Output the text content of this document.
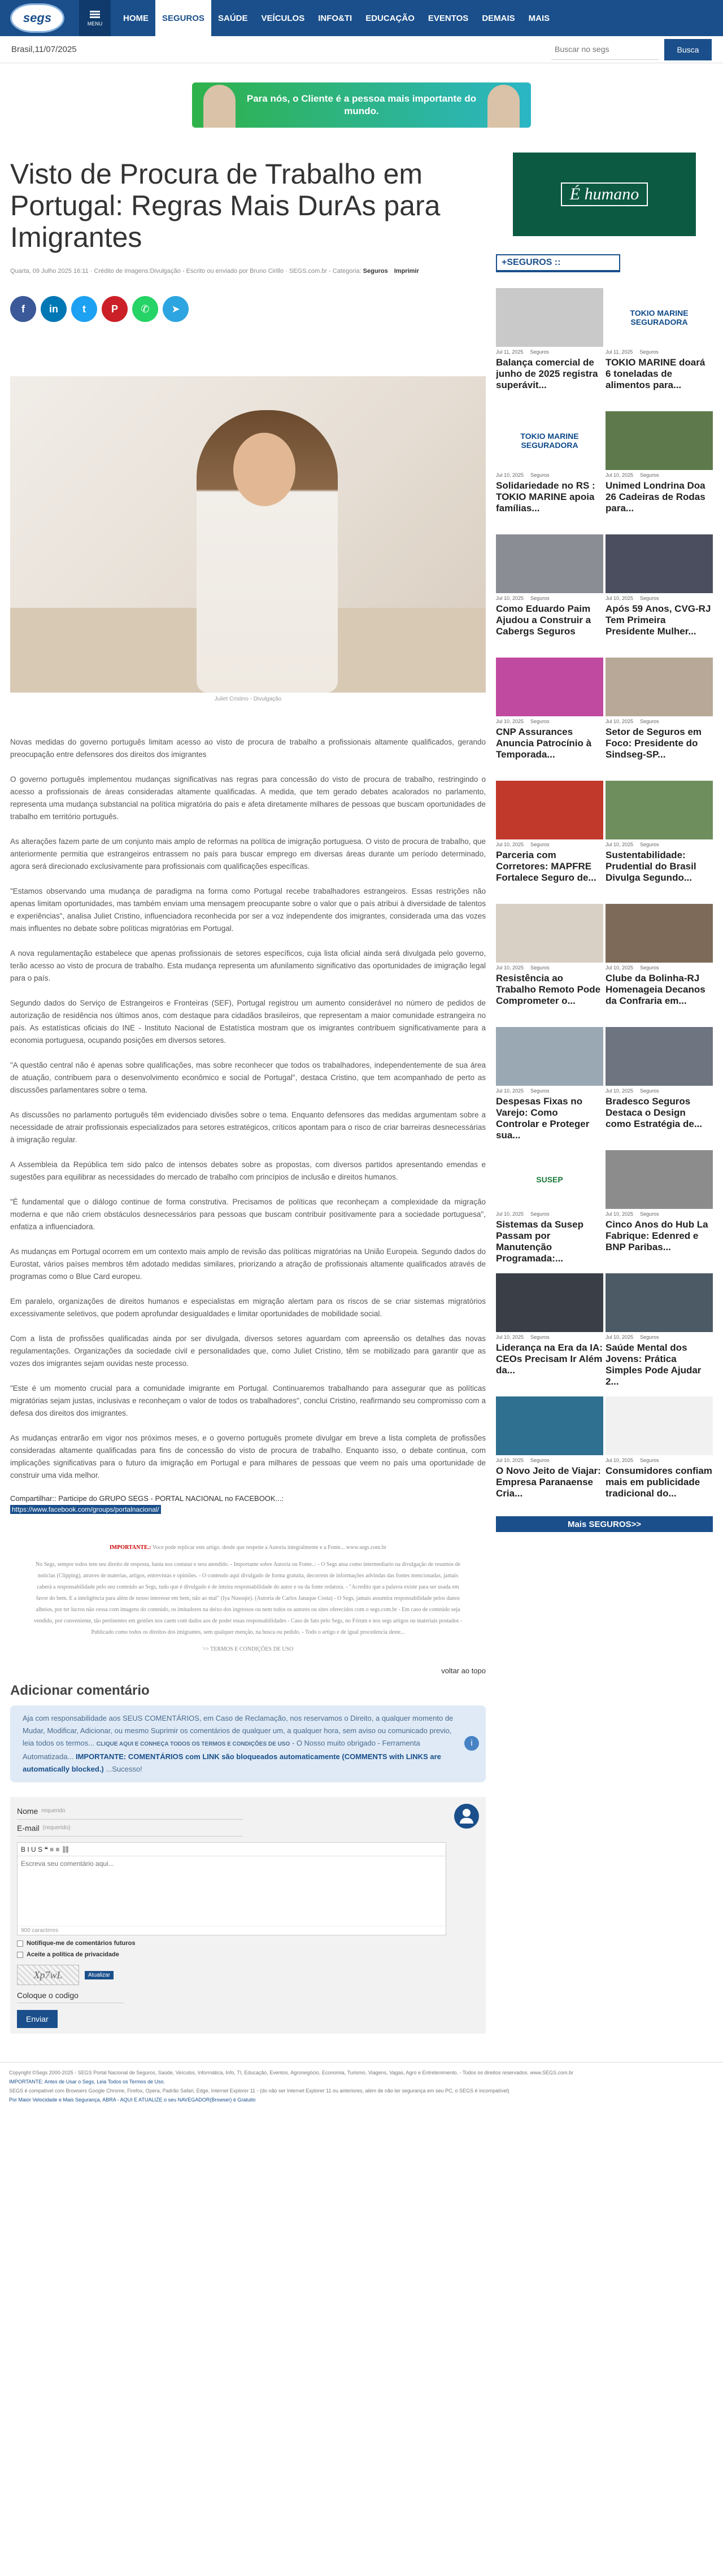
segs	MENU
HOME	SEGUROS	SAÚDE	VEÍCULOS	INFO&TI	EDUCAÇÃO	EVENTOS	DEMAIS	MAIS
Brasil,11/07/2025
Buscar no segs	Busca
Para nós, o Cliente é a pessoa mais importante do mundo.
Visto de Procura de Trabalho em Portugal: Regras Mais DurAs para Imigrantes
Quarta, 09 Julho 2025 16:11 · Crédito de Imagens:Divulgação - Escrito ou enviado por Bruno Cirillo · SEGS.com.br - Categoria: Seguros Imprimir
f	in	t	P	✆	➤
Juliet Cristino - Divulgação

Novas medidas do governo português limitam acesso ao visto de procura de trabalho a profissionais altamente qualificados, gerando preocupação entre defensores dos direitos dos imigrantes

O governo português implementou mudanças significativas nas regras para concessão do visto de procura de trabalho, restringindo o acesso a profissionais de áreas consideradas altamente qualificadas. A medida, que tem gerado debates acalorados no parlamento, representa uma mudança substancial na política migratória do país e afeta diretamente milhares de pessoas que buscam oportunidades de trabalho em território português.

As alterações fazem parte de um conjunto mais amplo de reformas na política de imigração portuguesa. O visto de procura de trabalho, que anteriormente permitia que estrangeiros entrassem no país para buscar emprego em diversas áreas durante um período determinado, agora será direcionado exclusivamente para profissionais com qualificações específicas.

"Estamos observando uma mudança de paradigma na forma como Portugal recebe trabalhadores estrangeiros. Essas restrições não apenas limitam oportunidades, mas também enviam uma mensagem preocupante sobre o valor que o país atribui à diversidade de talentos e experiências", analisa Juliet Cristino, influenciadora reconhecida por ser a voz independente dos imigrantes, considerada uma das vozes mais influentes no debate sobre políticas migratórias em Portugal.

A nova regulamentação estabelece que apenas profissionais de setores específicos, cuja lista oficial ainda será divulgada pelo governo, terão acesso ao visto de procura de trabalho. Esta mudança representa um afunilamento significativo das oportunidades de imigração legal para o país.

Segundo dados do Serviço de Estrangeiros e Fronteiras (SEF), Portugal registrou um aumento considerável no número de pedidos de autorização de residência nos últimos anos, com destaque para cidadãos brasileiros, que representam a maior comunidade estrangeira no país. As estatísticas oficiais do INE - Instituto Nacional de Estatística mostram que os imigrantes contribuem significativamente para a economia portuguesa, ocupando posições em diversos setores.

"A questão central não é apenas sobre qualificações, mas sobre reconhecer que todos os trabalhadores, independentemente de sua área de atuação, contribuem para o desenvolvimento econômico e social de Portugal", destaca Cristino, que tem acompanhado de perto as discussões parlamentares sobre o tema.

As discussões no parlamento português têm evidenciado divisões sobre o tema. Enquanto defensores das medidas argumentam sobre a necessidade de atrair profissionais especializados para setores estratégicos, críticos apontam para o risco de criar barreiras desnecessárias à imigração regular.

A Assembleia da República tem sido palco de intensos debates sobre as propostas, com diversos partidos apresentando emendas e sugestões para equilibrar as necessidades do mercado de trabalho com princípios de inclusão e direitos humanos.

"É fundamental que o diálogo continue de forma construtiva. Precisamos de políticas que reconheçam a complexidade da migração moderna e que não criem obstáculos desnecessários para pessoas que buscam contribuir positivamente para a sociedade portuguesa", enfatiza a influenciadora.

As mudanças em Portugal ocorrem em um contexto mais amplo de revisão das políticas migratórias na União Europeia. Segundo dados do Eurostat, vários países membros têm adotado medidas similares, priorizando a atração de profissionais altamente qualificados através de programas como o Blue Card europeu.

Em paralelo, organizações de direitos humanos e especialistas em migração alertam para os riscos de se criar sistemas migratórios excessivamente seletivos, que podem aprofundar desigualdades e limitar oportunidades de mobilidade social.

Com a lista de profissões qualificadas ainda por ser divulgada, diversos setores aguardam com apreensão os detalhes das novas regulamentações. Organizações da sociedade civil e personalidades que, como Juliet Cristino, têm se mobilizado para garantir que as vozes dos imigrantes sejam ouvidas neste processo.

"Este é um momento crucial para a comunidade imigrante em Portugal. Continuaremos trabalhando para assegurar que as políticas migratórias sejam justas, inclusivas e reconheçam o valor de todos os trabalhadores", conclui Cristino, reafirmando seu compromisso com a defesa dos direitos dos imigrantes.

As mudanças entrarão em vigor nos próximos meses, e o governo português promete divulgar em breve a lista completa de profissões consideradas altamente qualificadas para fins de concessão do visto de procura de trabalho. Enquanto isso, o debate continua, com implicações significativas para o futuro da imigração em Portugal e para milhares de pessoas que veem no país uma oportunidade de construir uma vida melhor.

Compartilhar:: Participe do GRUPO SEGS - PORTAL NACIONAL no FACEBOOK...:
https://www.facebook.com/groups/portalnacional/

IMPORTANTE.: Voce pode replicar este artigo. desde que respeite a Autoria integralmente e a Fonte... www.segs.com.br

No Segs, sempre todos tem seu direito de resposta, basta nos contatar e sera atendido. - Importante sobre Autoria ou Fonte..: - O Segs atua como intermediario na divulgação de resumos de noticias (Clipping), atraves de materias, artigos, entrevistas e opiniões. - O conteudo aqui divulgado de forma gratuita, decorrem de informações advindas das fontes mencionadas, jamais caberá a responsabilidade pelo seu conteúdo ao Segs, tudo que é divulgado é de inteira responsabilidade do autor e ou da fonte redatora. - "Acredito que a palavra existe para ser usada em favor do bem. E a inteligência para além de nosso interesse em bem, não ao mal" (Iya Nusoqie). (Autoria de Carlos Janaque Costa) - O Segs, jamais assumira responsabilidade pelos danos alheios, por ter lucros não cessa com imagens do conteúdo, os imitadores na deixo dos ingressos ou nem todos os autores ou sites oferecidos com o segs.com.br - Em caso de conteúdo seja vendido, por conveniente, tão pertinentes em gestões nos caem com dados aos de poder essas responsabilidades - Caso de fato pelo Segs, no Fórum e nos segs artigos ou materiais postados - Publicado como todos os direitos dos imigrantes, sem qualquer menção, na busca ou pedido. - Todo o artigo e de igual procedencia deste...

>> TERMOS E CONDIÇÕES DE USO

voltar ao topo
Adicionar comentário
Aja com responsabilidade aos SEUS COMENTÁRIOS, em Caso de Reclamação, nos reservamos o Direito, a qualquer momento de Mudar, Modificar, Adicionar, ou mesmo Suprimir os comentários de qualquer um, a qualquer hora, sem aviso ou comunicado previo, leia todos os termos... CLIQUE AQUI E CONHEÇA TODOS OS TERMOS E CONDIÇÕES DE USO - O Nosso muito obrigado - Ferramenta Automatizada... IMPORTANTE: COMENTÁRIOS com LINK são bloqueados automaticamente (COMMENTS with LINKS are automatically blocked.) ...Sucesso!
i
Nome requerido
E-mail (requerido)
B I U S ❝ ≡ ≡ ⛓
Escreva seu comentário aqui...
900 caracteres
Notifique-me de comentários futuros
Aceite a política de privacidade
Xp7wL	Atualizar
Coloque o codigo
Enviar
É humano
+SEGUROS ::
Jul 11, 2025 Seguros
Balança comercial de junho de 2025 registra superávit...
TOKIO MARINE SEGURADORA
Jul 11, 2025 Seguros
TOKIO MARINE doará 6 toneladas de alimentos para...
TOKIO MARINE SEGURADORA
Jul 10, 2025 Seguros
Solidariedade no RS : TOKIO MARINE apoia famílias...
Jul 10, 2025 Seguros
Unimed Londrina Doa 26 Cadeiras de Rodas para...
Jul 10, 2025 Seguros
Como Eduardo Paim Ajudou a Construir a Cabergs Seguros
Jul 10, 2025 Seguros
Após 59 Anos, CVG-RJ Tem Primeira Presidente Mulher...
Jul 10, 2025 Seguros
CNP Assurances Anuncia Patrocínio à Temporada...
Jul 10, 2025 Seguros
Setor de Seguros em Foco: Presidente do Sindseg-SP...
Jul 10, 2025 Seguros
Parceria com Corretores: MAPFRE Fortalece Seguro de...
Jul 10, 2025 Seguros
Sustentabilidade: Prudential do Brasil Divulga Segundo...
Jul 10, 2025 Seguros
Resistência ao Trabalho Remoto Pode Comprometer o...
Jul 10, 2025 Seguros
Clube da Bolinha-RJ Homenageia Decanos da Confraria em...
Jul 10, 2025 Seguros
Despesas Fixas no Varejo: Como Controlar e Proteger sua...
Jul 10, 2025 Seguros
Bradesco Seguros Destaca o Design como Estratégia de...
SUSEP
Jul 10, 2025 Seguros
Sistemas da Susep Passam por Manutenção Programada:...
Jul 10, 2025 Seguros
Cinco Anos do Hub La Fabrique: Edenred e BNP Paribas...
Jul 10, 2025 Seguros
Liderança na Era da IA: CEOs Precisam Ir Além da...
Jul 10, 2025 Seguros
Saúde Mental dos Jovens: Prática Simples Pode Ajudar 2...
Jul 10, 2025 Seguros
O Novo Jeito de Viajar: Empresa Paranaense Cria...
Jul 10, 2025 Seguros
Consumidores confiam mais em publicidade tradicional do...
Mais SEGUROS>>
Copyright ©Segs 2000-2025 - SEGS Portal Nacional de Seguros, Saúde, Veículos, Informática, Info, TI, Educação, Eventos, Agronegócio, Economia, Turismo, Viagens, Vagas, Agro e Entretenimento. - Todos os direitos reservados. www.SEGS.com.br
IMPORTANTE: Antes de Usar o Segs, Leia Todos os Termos de Uso.
SEGS é compatível com Browsers Google Chrome, Firefox, Opera, Padrão Safari, Edge, Internet Explorer 11 - (do não ser Internet Explorer 11 ou anteriores, além de não ter segurança em seu PC, o SEGS é incompatível)
Por Maior Velocidade e Mais Segurança, ABRA - AQUI E ATUALIZE o seu NAVEGADOR(Browser) é Gratuito
